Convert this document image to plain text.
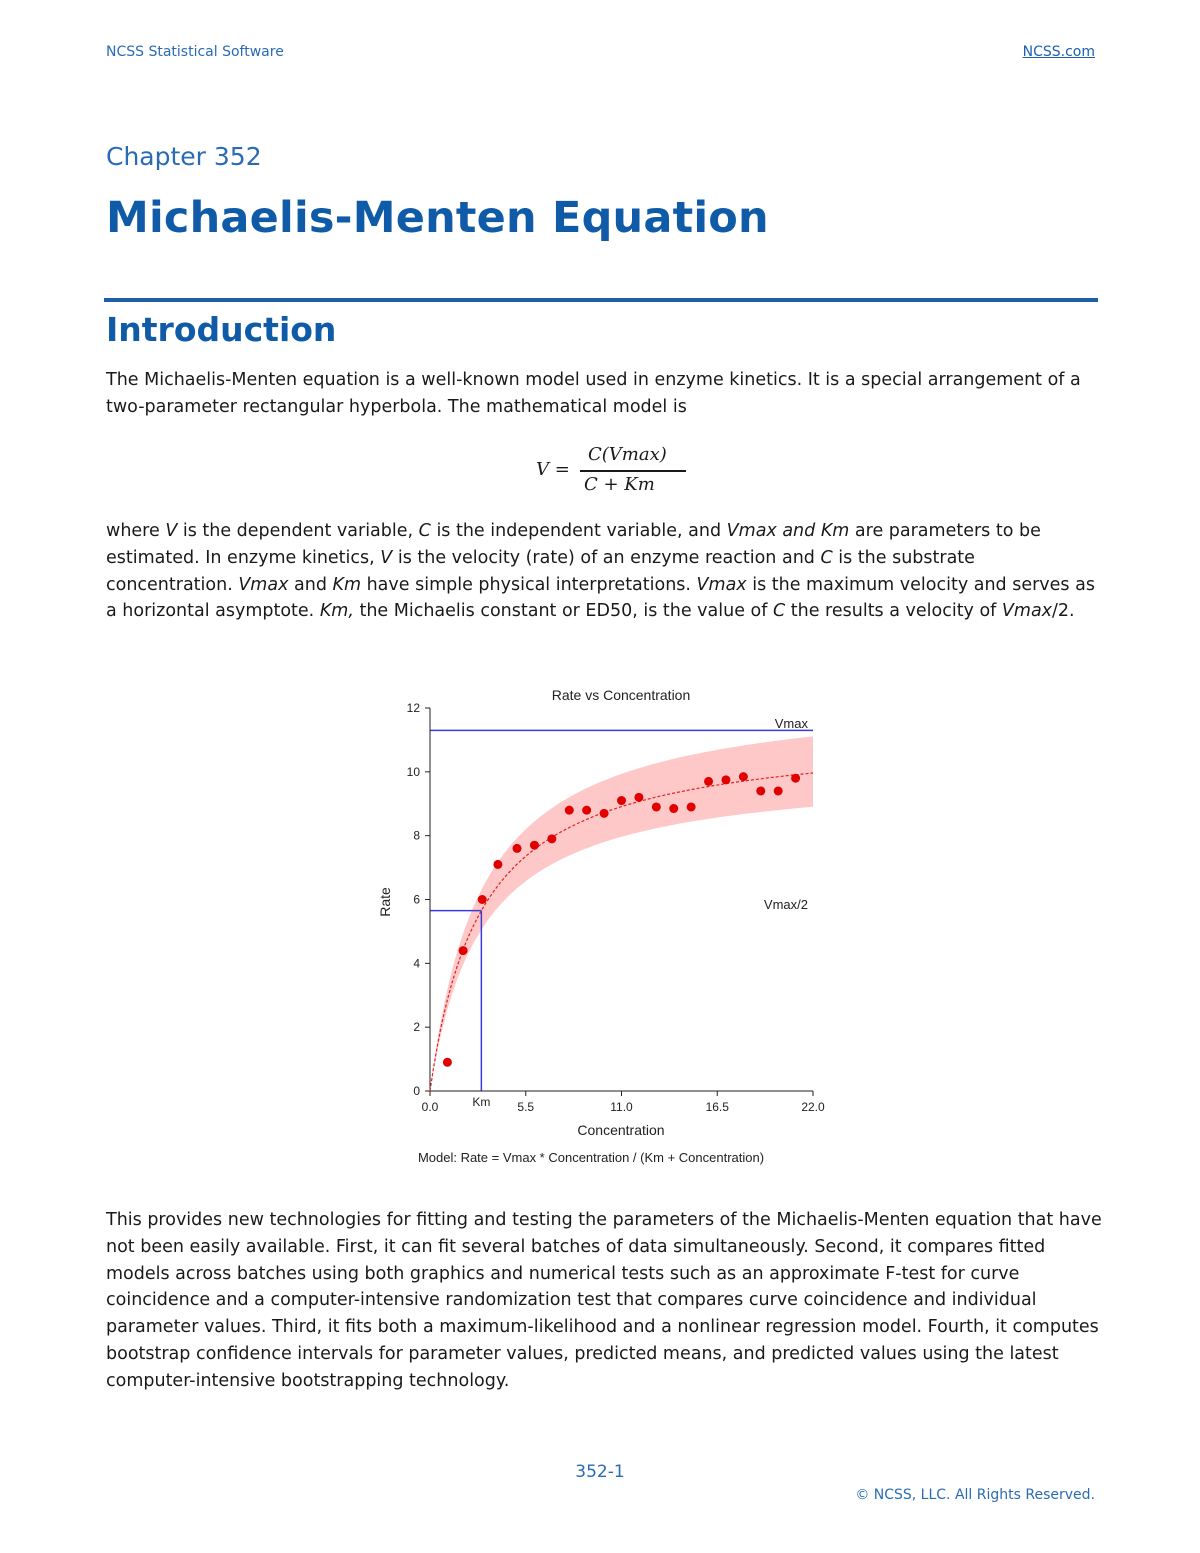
NCSS Statistical Software	NCSS.com
Chapter 352
Michaelis-Menten Equation
Introduction
The Michaelis-Menten equation is a well-known model used in enzyme kinetics. It is a special arrangement of a two-parameter rectangular hyperbola. The mathematical model is
V =
C(Vmax)
C + Km
where V is the dependent variable, C is the independent variable, and Vmax and Km are parameters to be estimated. In enzyme kinetics, V is the velocity (rate) of an enzyme reaction and C is the substrate concentration. Vmax and Km have simple physical interpretations. Vmax is the maximum velocity and serves as a horizontal asymptote. Km, the Michaelis constant or ED50, is the value of C the results a velocity of Vmax/2.
Rate vs Concentration
0
2
4
6
8
10
12
0.0	5.5	11.0	16.5	22.0
Concentration
Rate
Model: Rate = Vmax * Concentration / (Km + Concentration)
Vmax
Vmax/2
Km
This provides new technologies for fitting and testing the parameters of the Michaelis-Menten equation that have not been easily available. First, it can fit several batches of data simultaneously. Second, it compares fitted models across batches using both graphics and numerical tests such as an approximate F-test for curve coincidence and a computer-intensive randomization test that compares curve coincidence and individual parameter values. Third, it fits both a maximum-likelihood and a nonlinear regression model. Fourth, it computes bootstrap confidence intervals for parameter values, predicted means, and predicted values using the latest computer-intensive bootstrapping technology.
352-1
© NCSS, LLC. All Rights Reserved.
